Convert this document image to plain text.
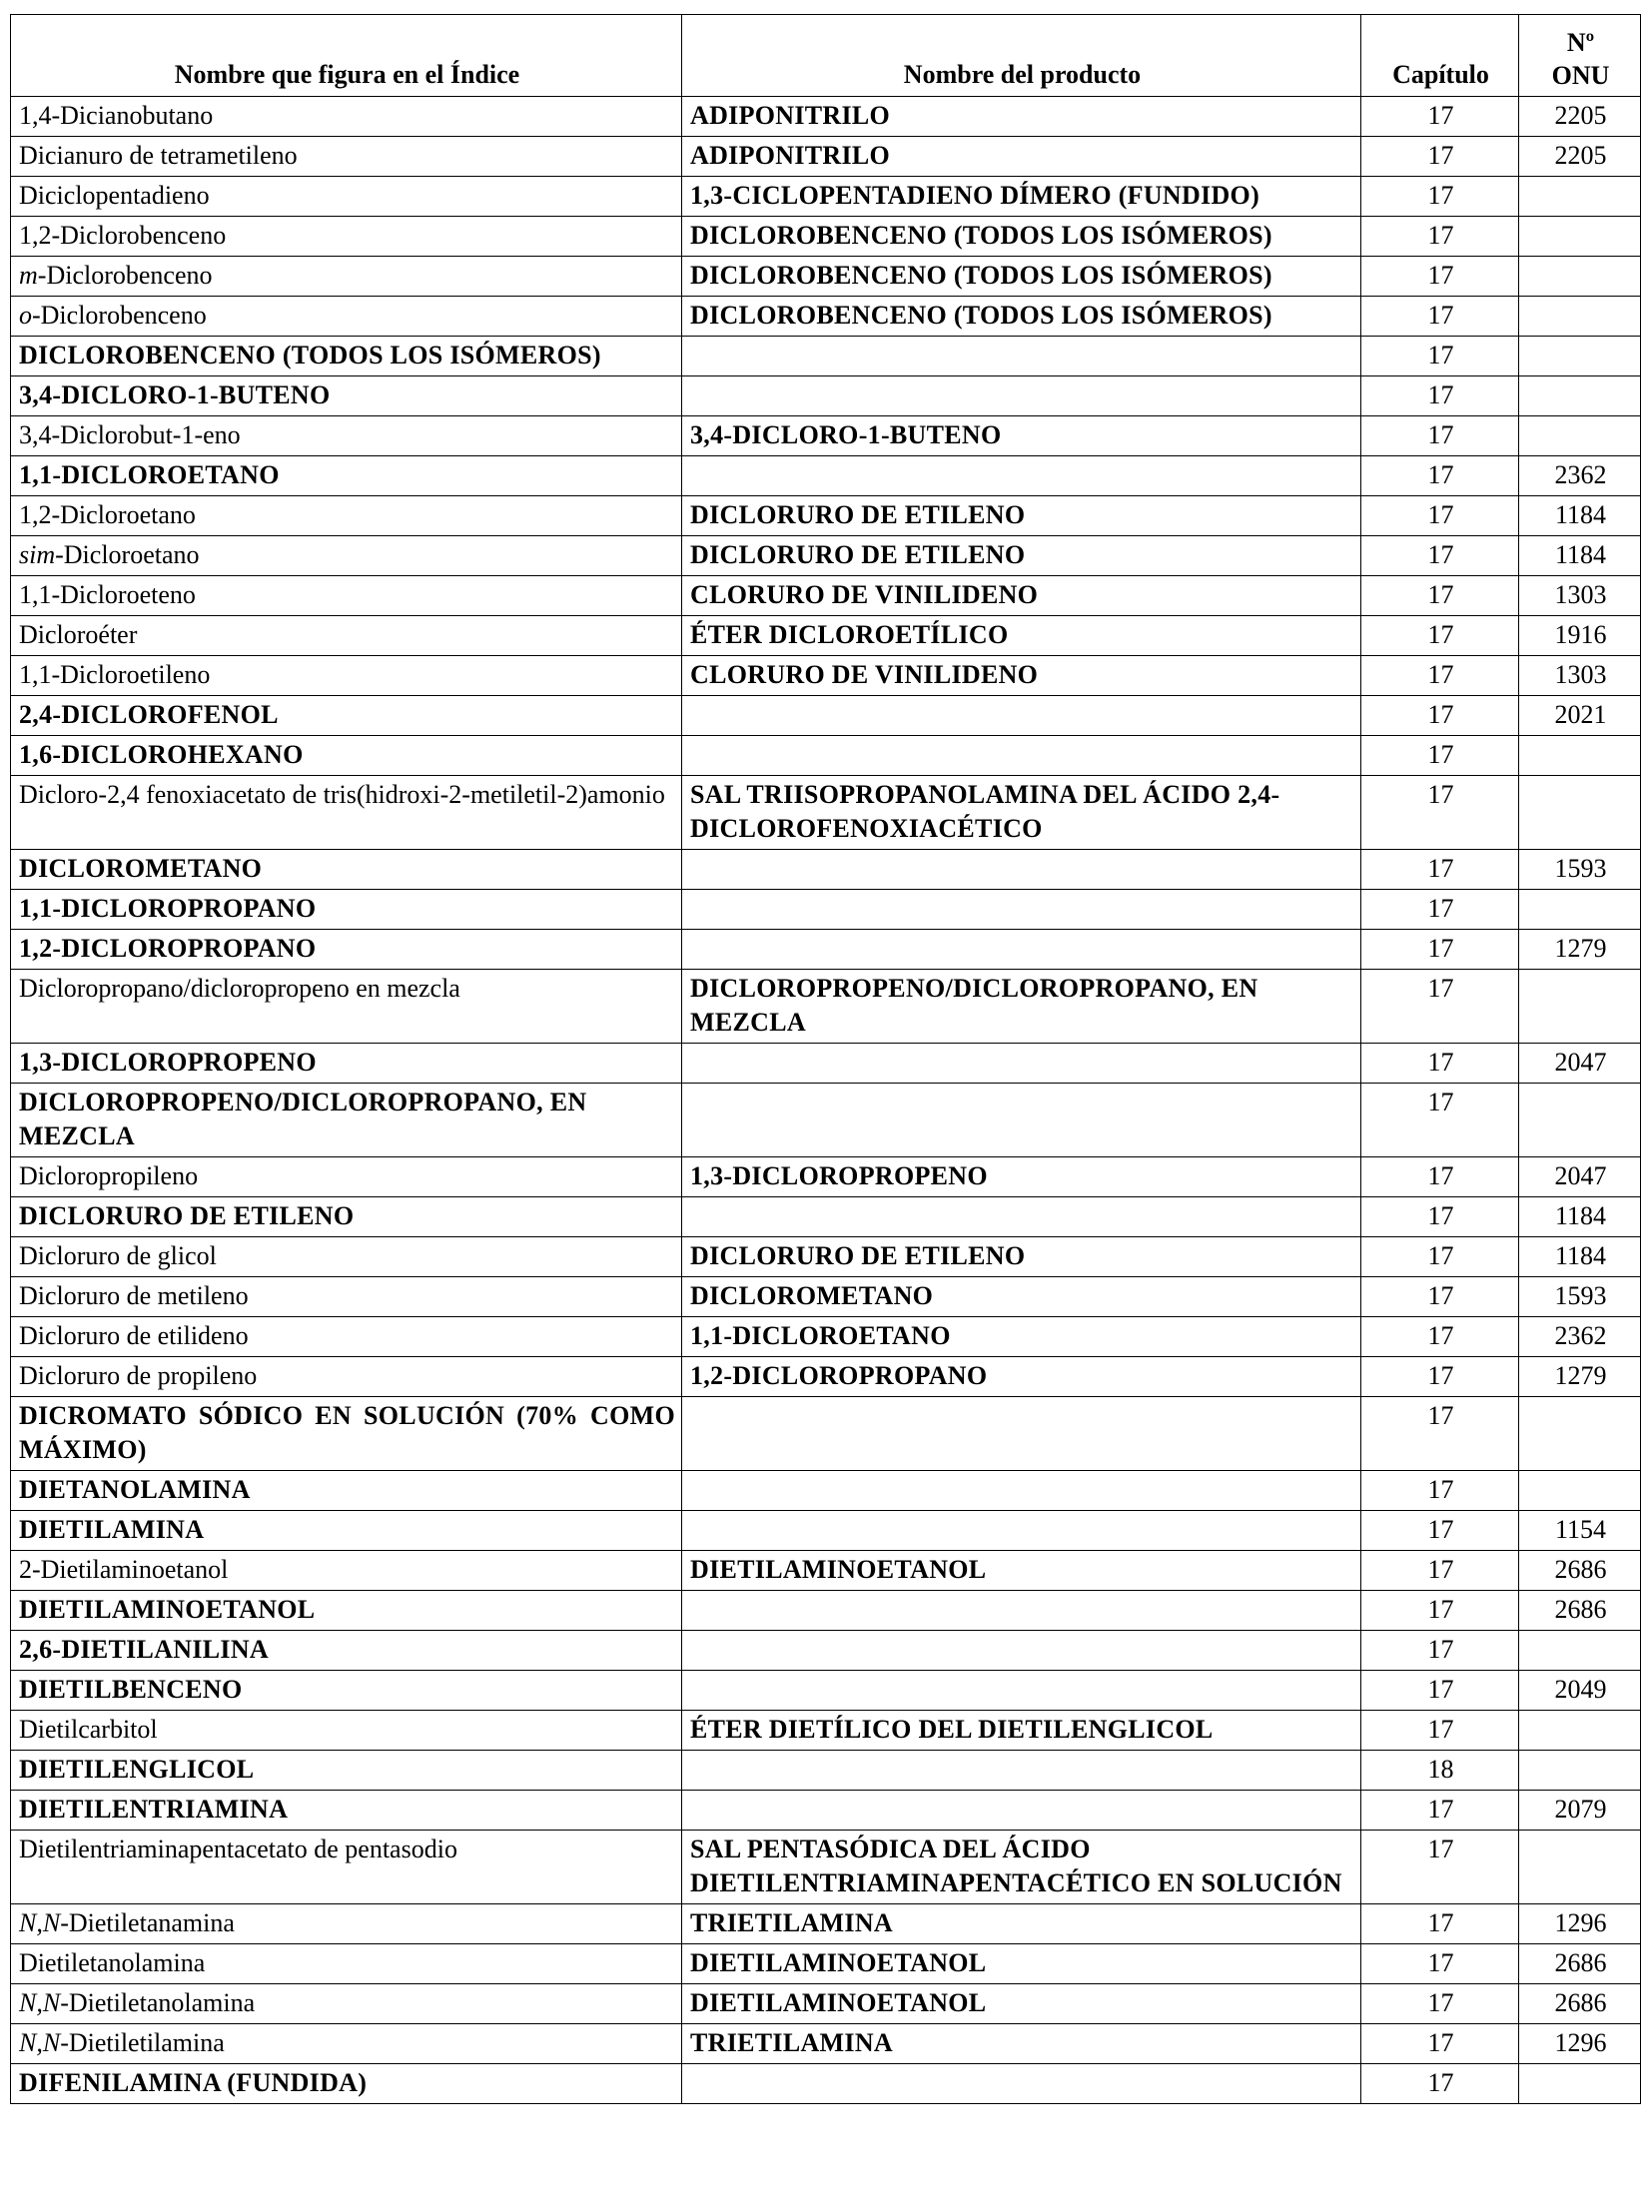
Nombre que figura en el Índice	Nombre del producto	Capítulo	Nº
ONU
1,4-Dicianobutano	ADIPONITRILO	17	2205
Dicianuro de tetrametileno	ADIPONITRILO	17	2205
Diciclopentadieno	1,3-CICLOPENTADIENO DÍMERO (FUNDIDO)	17	
1,2-Diclorobenceno	DICLOROBENCENO (TODOS LOS ISÓMEROS)	17	
m-Diclorobenceno	DICLOROBENCENO (TODOS LOS ISÓMEROS)	17	
o-Diclorobenceno	DICLOROBENCENO (TODOS LOS ISÓMEROS)	17	
DICLOROBENCENO (TODOS LOS ISÓMEROS)		17	
3,4-DICLORO-1-BUTENO		17	
3,4-Diclorobut-1-eno	3,4-DICLORO-1-BUTENO	17	
1,1-DICLOROETANO		17	2362
1,2-Dicloroetano	DICLORURO DE ETILENO	17	1184
sim-Dicloroetano	DICLORURO DE ETILENO	17	1184
1,1-Dicloroeteno	CLORURO DE VINILIDENO	17	1303
Dicloroéter	ÉTER DICLOROETÍLICO	17	1916
1,1-Dicloroetileno	CLORURO DE VINILIDENO	17	1303
2,4-DICLOROFENOL		17	2021
1,6-DICLOROHEXANO		17	
Dicloro-2,4 fenoxiacetato de tris(hidroxi-2-metiletil-2)amonio	SAL TRIISOPROPANOLAMINA DEL ÁCIDO 2,4-DICLOROFENOXIACÉTICO	17	
DICLOROMETANO		17	1593
1,1-DICLOROPROPANO		17	
1,2-DICLOROPROPANO		17	1279
Dicloropropano/dicloropropeno en mezcla	DICLOROPROPENO/DICLOROPROPANO, EN MEZCLA	17	
1,3-DICLOROPROPENO		17	2047
DICLOROPROPENO/DICLOROPROPANO, EN MEZCLA		17	
Dicloropropileno	1,3-DICLOROPROPENO	17	2047
DICLORURO DE ETILENO		17	1184
Dicloruro de glicol	DICLORURO DE ETILENO	17	1184
Dicloruro de metileno	DICLOROMETANO	17	1593
Dicloruro de etilideno	1,1-DICLOROETANO	17	2362
Dicloruro de propileno	1,2-DICLOROPROPANO	17	1279
DICROMATO SÓDICO EN SOLUCIÓN (70% COMO MÁXIMO)		17	
DIETANOLAMINA		17	
DIETILAMINA		17	1154
2-Dietilaminoetanol	DIETILAMINOETANOL	17	2686
DIETILAMINOETANOL		17	2686
2,6-DIETILANILINA		17	
DIETILBENCENO		17	2049
Dietilcarbitol	ÉTER DIETÍLICO DEL DIETILENGLICOL	17	
DIETILENGLICOL		18	
DIETILENTRIAMINA		17	2079
Dietilentriaminapentacetato de pentasodio	SAL PENTASÓDICA DEL ÁCIDO DIETILENTRIAMINAPENTACÉTICO EN SOLUCIÓN	17	
N,N-Dietiletanamina	TRIETILAMINA	17	1296
Dietiletanolamina	DIETILAMINOETANOL	17	2686
N,N-Dietiletanolamina	DIETILAMINOETANOL	17	2686
N,N-Dietiletilamina	TRIETILAMINA	17	1296
DIFENILAMINA (FUNDIDA)		17	
